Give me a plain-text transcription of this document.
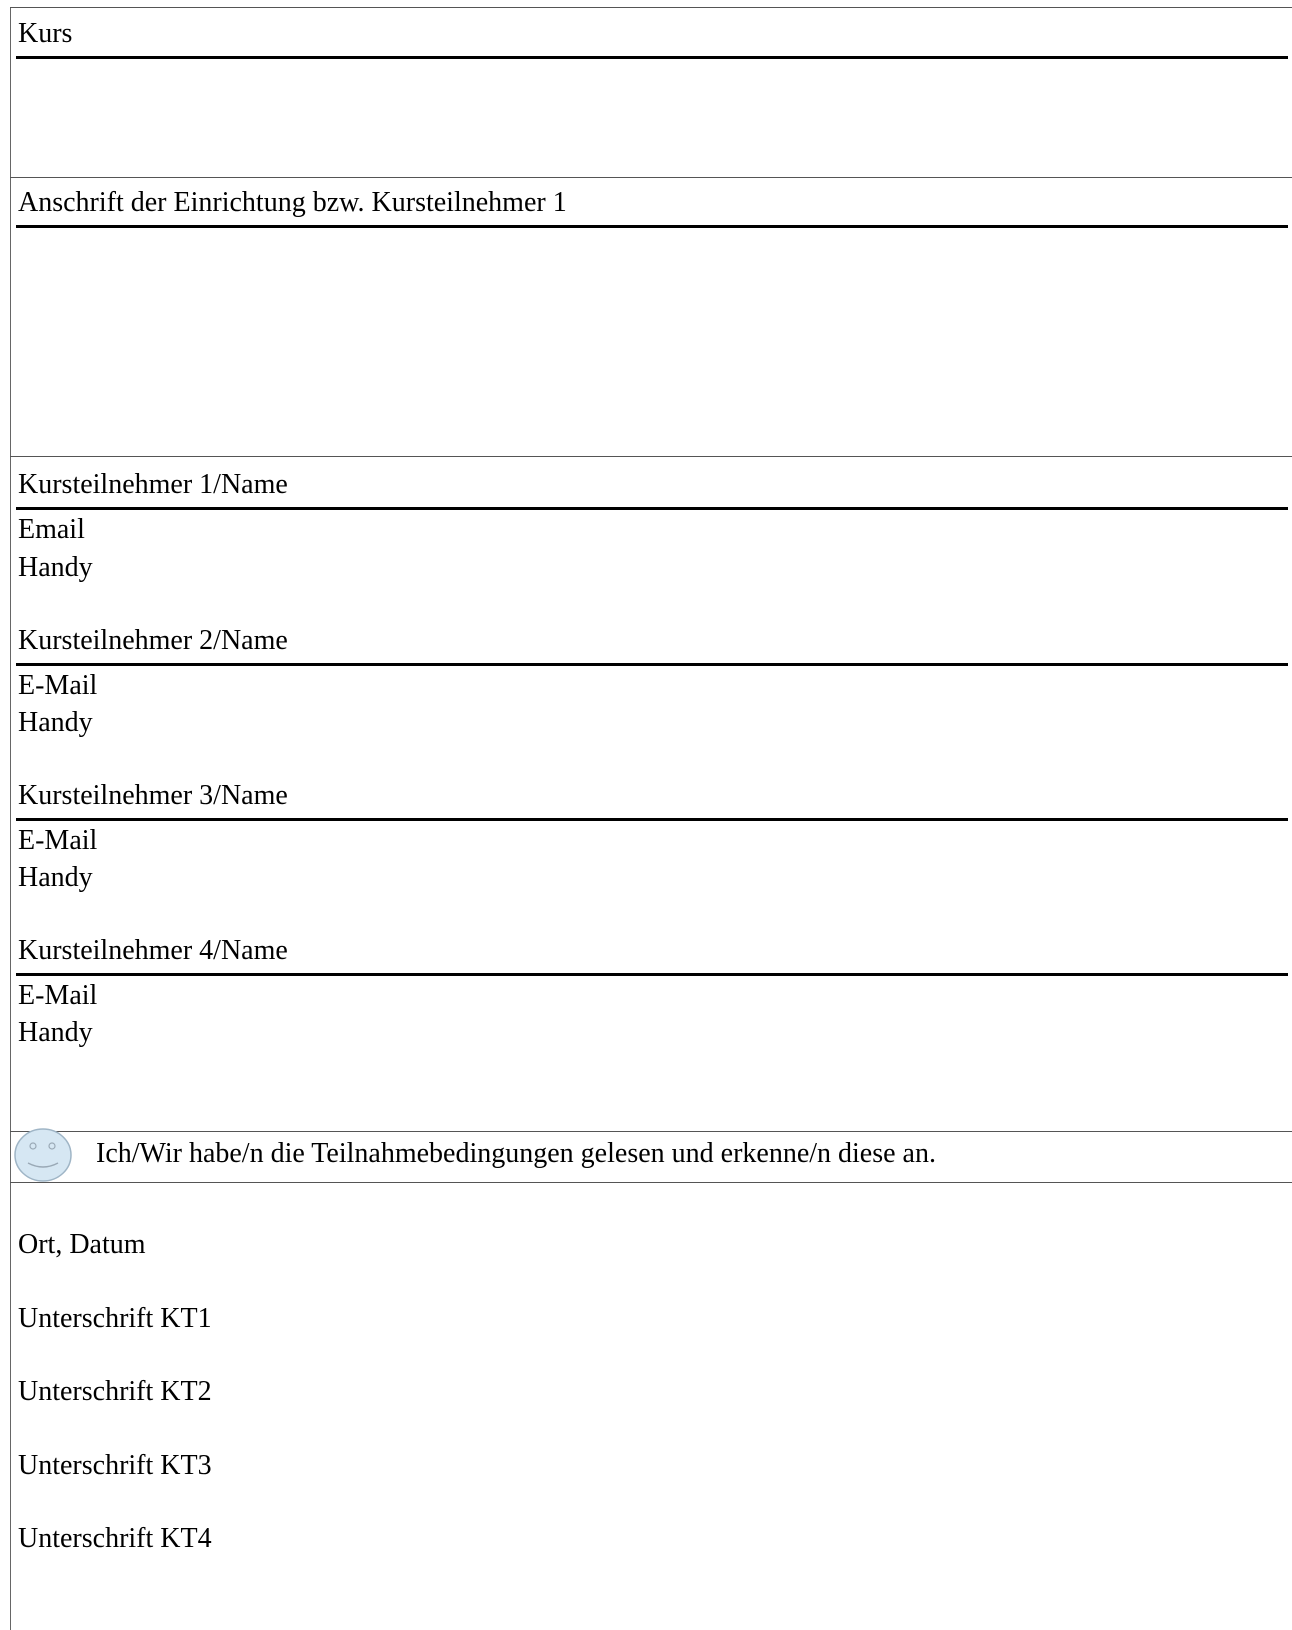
Kurs
Anschrift der Einrichtung bzw. Kursteilnehmer 1
Kursteilnehmer 1/Name
Email
Handy
Kursteilnehmer 2/Name
E-Mail
Handy
Kursteilnehmer 3/Name
E-Mail
Handy
Kursteilnehmer 4/Name
E-Mail
Handy
Ich/Wir habe/n die Teilnahmebedingungen gelesen und erkenne/n diese an.
Ort, Datum
Unterschrift KT1
Unterschrift KT2
Unterschrift KT3
Unterschrift KT4
